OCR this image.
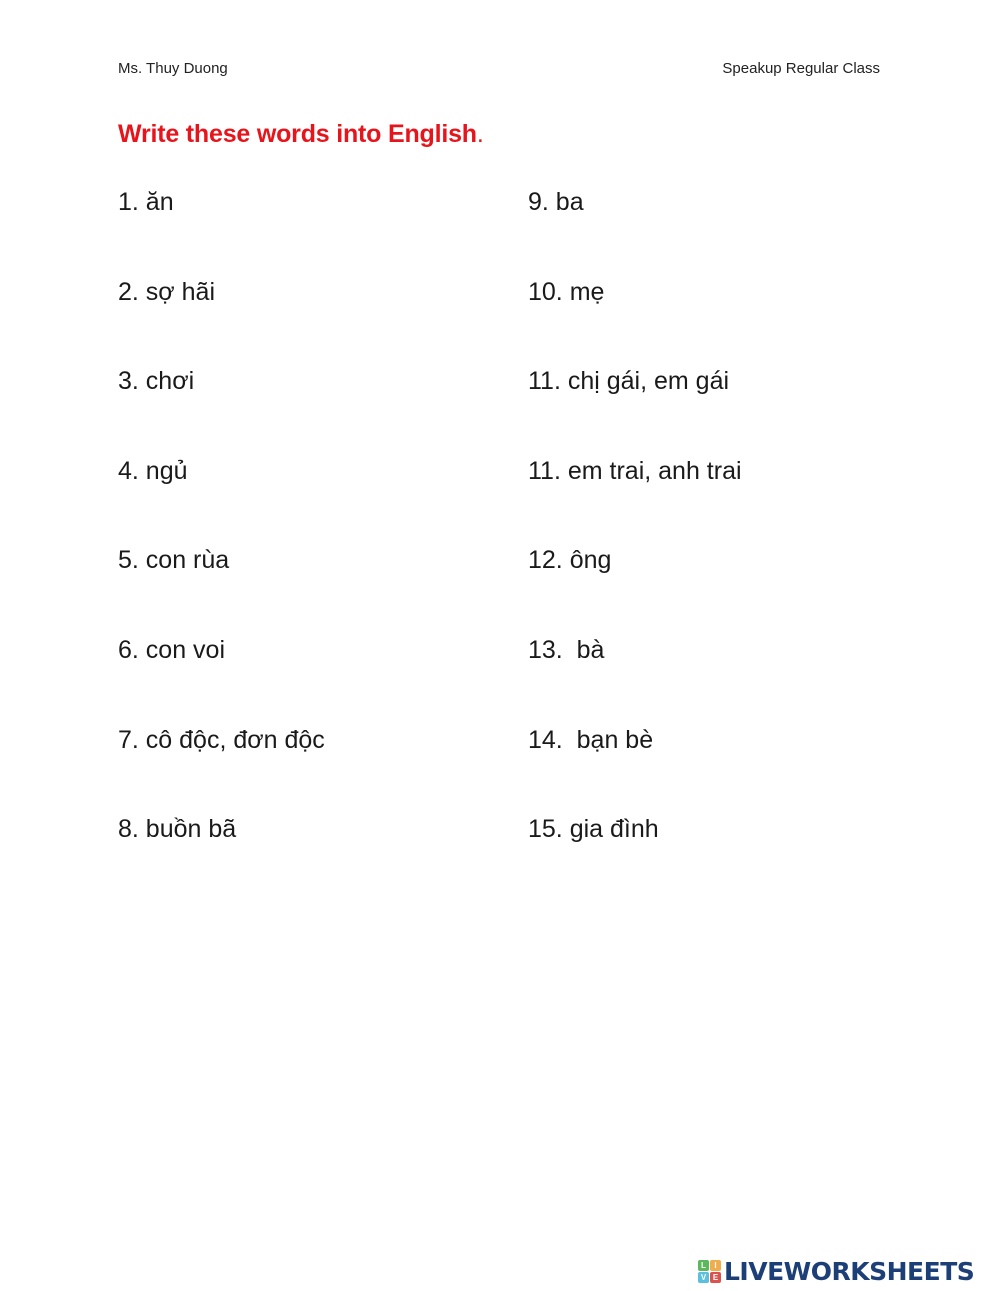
Ms. Thuy Duong	Speakup Regular Class
Write these words into English.
1. ăn
2. sợ hãi
3. chơi
4. ngủ
5. con rùa
6. con voi
7. cô độc, đơn độc
8. buồn bã
9. ba
10. mẹ
11. chị gái, em gái
11. em trai, anh trai
12. ông
13.  bà
14.  bạn bè
15. gia đình
L	I
V E LIVEWORKSHEETS
